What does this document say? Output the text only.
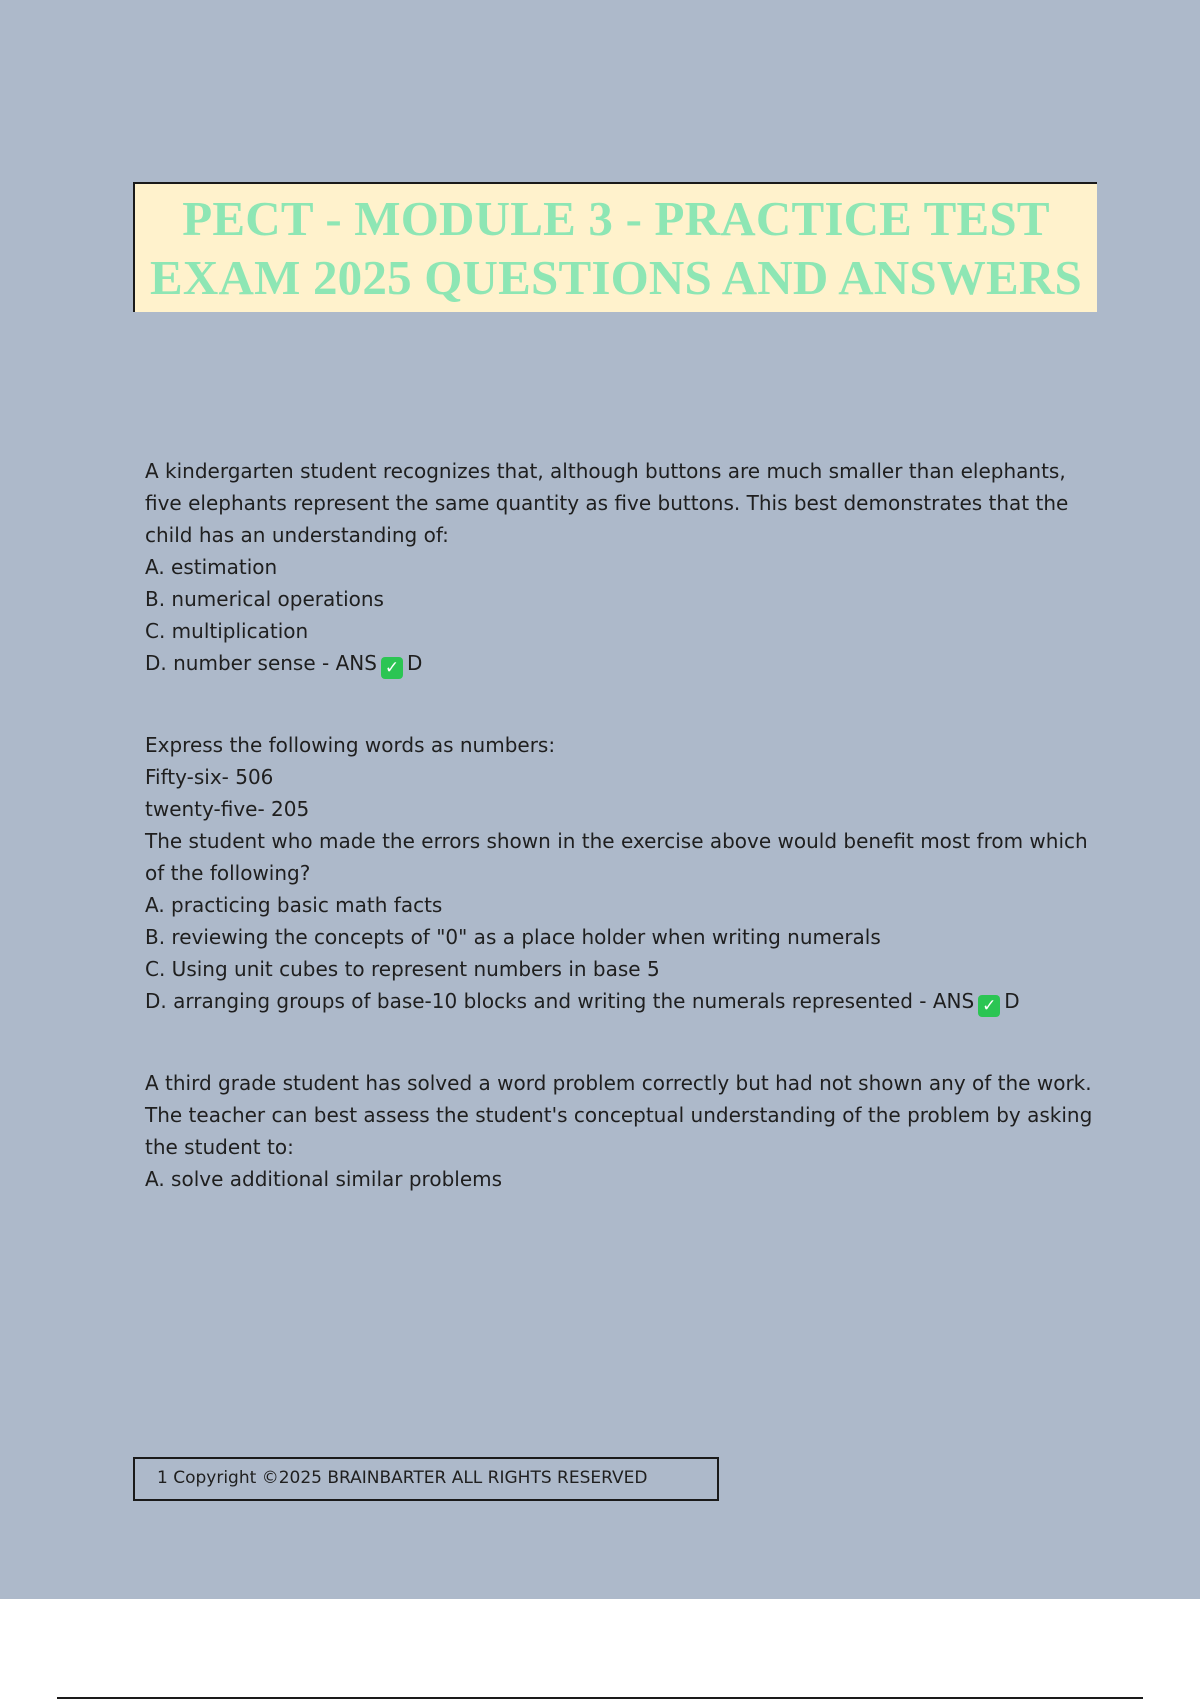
PECT - MODULE 3 - PRACTICE TEST
EXAM 2025 QUESTIONS AND ANSWERS

A kindergarten student recognizes that, although buttons are much smaller than elephants, five elephants represent the same quantity as five buttons. This best demonstrates that the child has an understanding of:

A. estimation

B. numerical operations

C. multiplication

D. number sense - ANS ✓ D

Express the following words as numbers:

Fifty-six- 506

twenty-five- 205

The student who made the errors shown in the exercise above would benefit most from which of the following?

A. practicing basic math facts

B. reviewing the concepts of "0" as a place holder when writing numerals

C. Using unit cubes to represent numbers in base 5

D. arranging groups of base-10 blocks and writing the numerals represented - ANS ✓ D

A third grade student has solved a word problem correctly but had not shown any of the work. The teacher can best assess the student's conceptual understanding of the problem by asking the student to:

A. solve additional similar problems

1 Copyright ©2025 BRAINBARTER ALL RIGHTS RESERVED
